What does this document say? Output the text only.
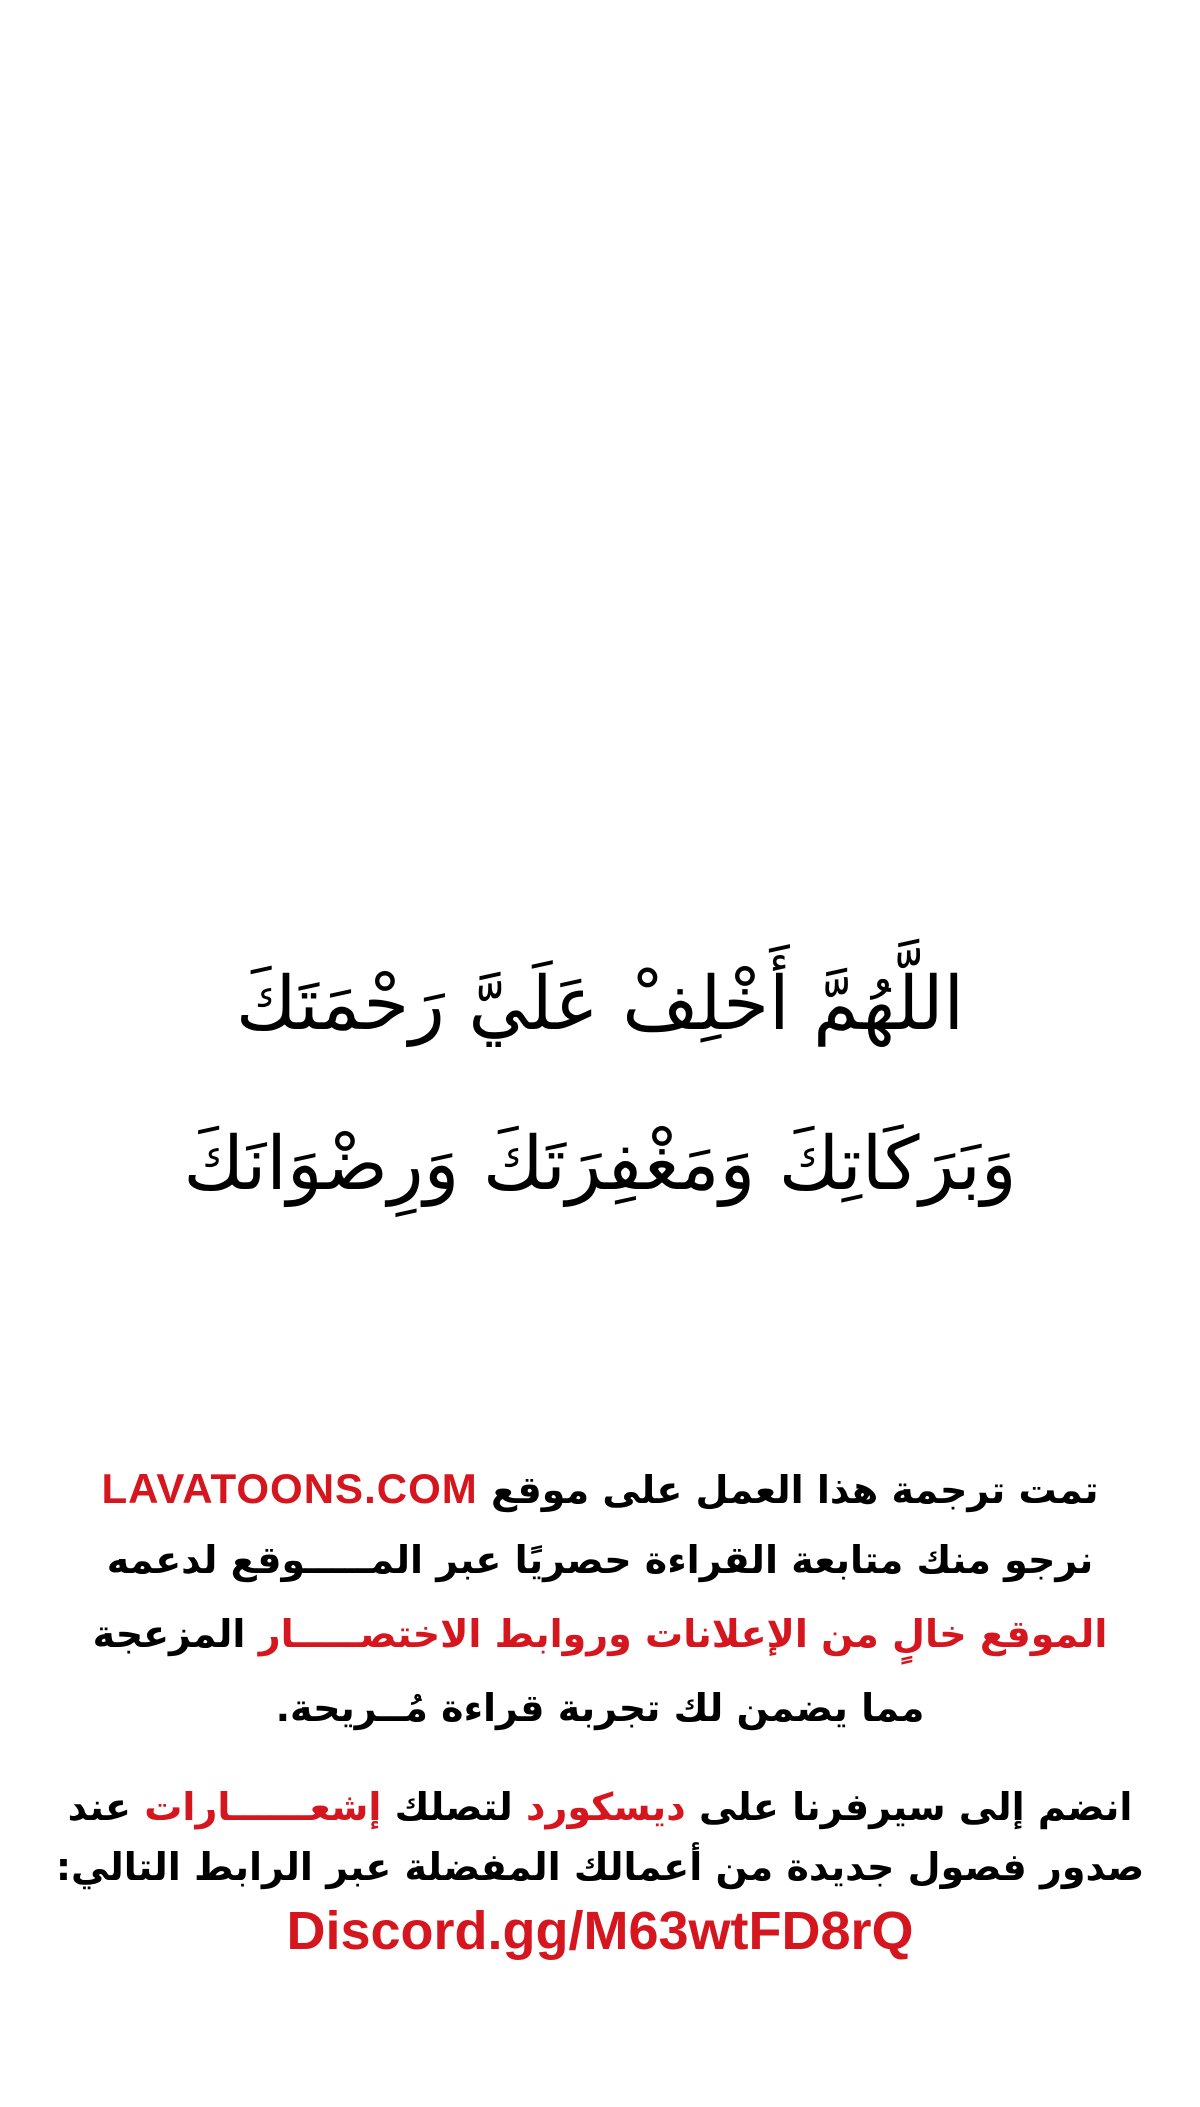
اللَّهُمَّ أَخْلِفْ عَلَيَّ رَحْمَتَكَ
وَبَرَكَاتِكَ وَمَغْفِرَتَكَ وَرِضْوَانَكَ
تمت ترجمة هذا العمل على موقع LAVATOONS.COM
نرجو منك متابعة القراءة حصريًا عبر المـــــوقع لدعمه
الموقع خالٍ من الإعلانات وروابط الاختصـــــار المزعجة
مما يضمن لك تجربة قراءة مُــريحة.
انضم إلى سيرفرنا على ديسكورد لتصلك إشعــــــارات عند
صدور فصول جديدة من أعمالك المفضلة عبر الرابط التالي:
Discord.gg/M63wtFD8rQ
